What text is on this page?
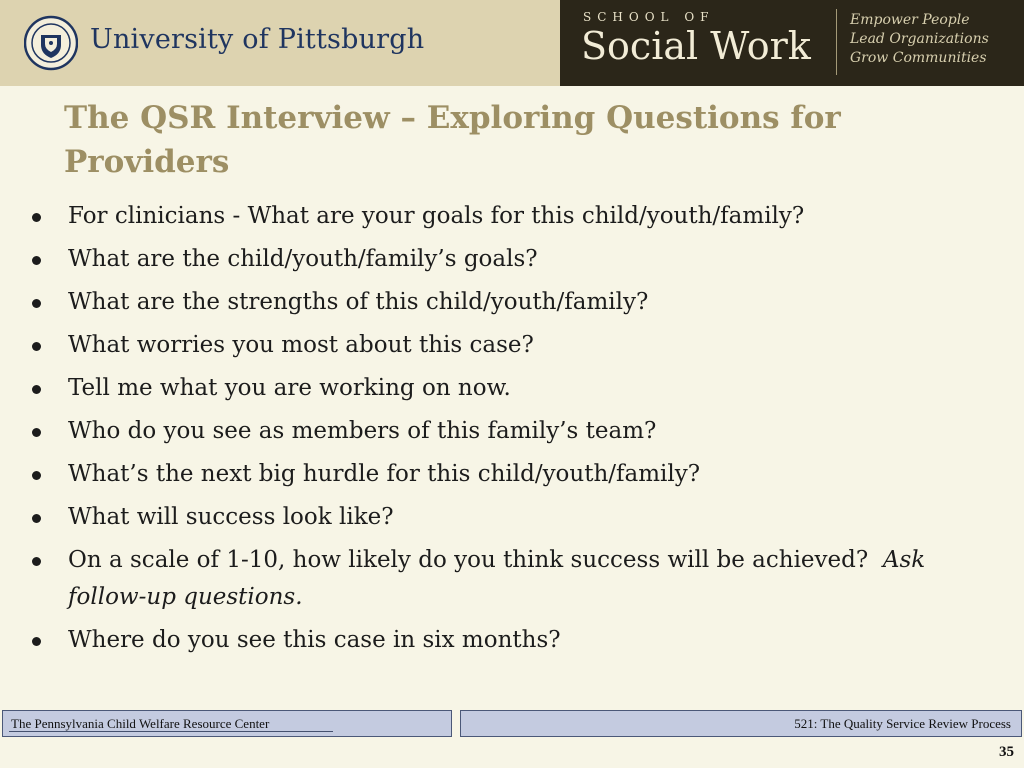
University of Pittsburgh
SCHOOL OF
Social Work
Empower People
Lead Organizations
Grow Communities
The QSR Interview – Exploring Questions for Providers
For clinicians - What are your goals for this child/youth/family?
What are the child/youth/family’s goals?
What are the strengths of this child/youth/family?
What worries you most about this case?
Tell me what you are working on now.
Who do you see as members of this family’s team?
What’s the next big hurdle for this child/youth/family?
What will success look like?
On a scale of 1-10, how likely do you think success will be achieved? Ask follow-up questions.
Where do you see this case in six months?
The Pennsylvania Child Welfare Resource Center	521: The Quality Service Review Process
35
